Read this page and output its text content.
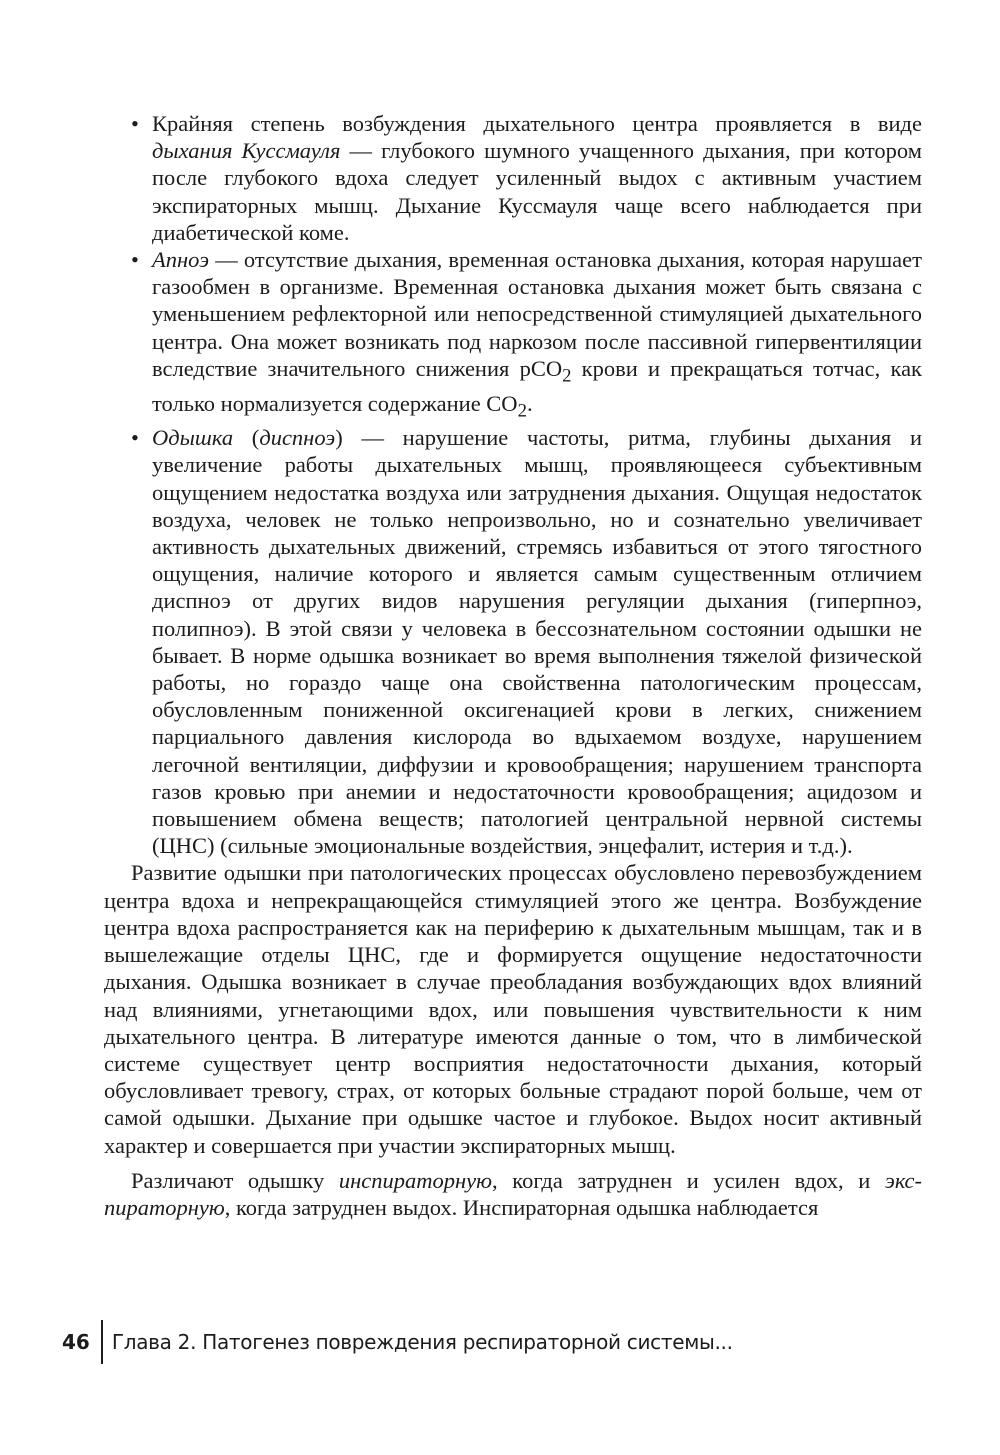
• Крайняя степень возбуждения дыхательного центра проявляется в виде дыхания Куссмауля — глубокого шумного учащенного дыхания, при котором после глубокого вдоха следует усиленный выдох с активным участием экспираторных мышц. Дыхание Куссмауля чаще всего наблюдается при диабетической коме.
• Апноэ — отсутствие дыхания, временная остановка дыхания, которая нарушает газообмен в организме. Временная остановка дыхания может быть связана с уменьшением рефлекторной или непосредственной стимуляцией дыхательного центра. Она может возникать под наркозом после пассивной гипервентиляции вследствие значительного снижения pCO$_2$ крови и прекращаться тотчас, как только нормализуется содержание $CO_2$.
• Одышка (диспноэ) — нарушение частоты, ритма, глубины дыхания и увеличение работы дыхательных мышц, проявляющееся субъективным ощущением недостатка воздуха или затруднения дыхания. Ощущая недостаток воздуха, человек не только непроизвольно, но и сознательно увеличивает активность дыхательных движений, стремясь избавиться от этого тягостного ощущения, наличие которого и является самым существенным отличием диспноэ от других видов нарушения регуляции дыхания (гиперпноэ, полипноэ). В этой связи у человека в бессознательном состоянии одышки не бывает. В норме одышка возникает во время выполнения тяжелой физической работы, но гораздо чаще она свойственна патологическим процессам, обусловленным пониженной оксигенацией крови в легких, снижением парциального давления кислорода во вдыхаемом воздухе, нарушением легочной вентиляции, диффузии и кровообращения; нарушением транспорта газов кровью при анемии и недостаточности кровообращения; ацидозом и повышением обмена веществ; патологией центральной нервной системы (ЦНС) (сильные эмоциональные воздействия, энцефалит, истерия и т.д.).

Развитие одышки при патологических процессах обусловлено перевозбуждением центра вдоха и непрекращающейся стимуляцией этого же центра. Возбуждение центра вдоха распространяется как на периферию к дыхательным мышцам, так и в вышележащие отделы ЦНС, где и формируется ощущение недостаточности дыхания. Одышка возникает в случае преобладания возбуждающих вдох влияний над влияниями, угнетающими вдох, или повышения чувствительности к ним дыхательного центра. В литературе имеются данные о том, что в лимбической системе существует центр восприятия недостаточности дыхания, который обусловливает тревогу, страх, от которых больные страдают порой больше, чем от самой одышки. Дыхание при одышке частое и глубокое. Выдох носит активный характер и совершается при участии экспираторных мышц.

Различают одышку инспираторную, когда затруднен и усилен вдох, и экспираторную, когда затруднен выдох. Инспираторная одышка наблюдается

46 Глава 2. Патогенез повреждения респираторной системы...
